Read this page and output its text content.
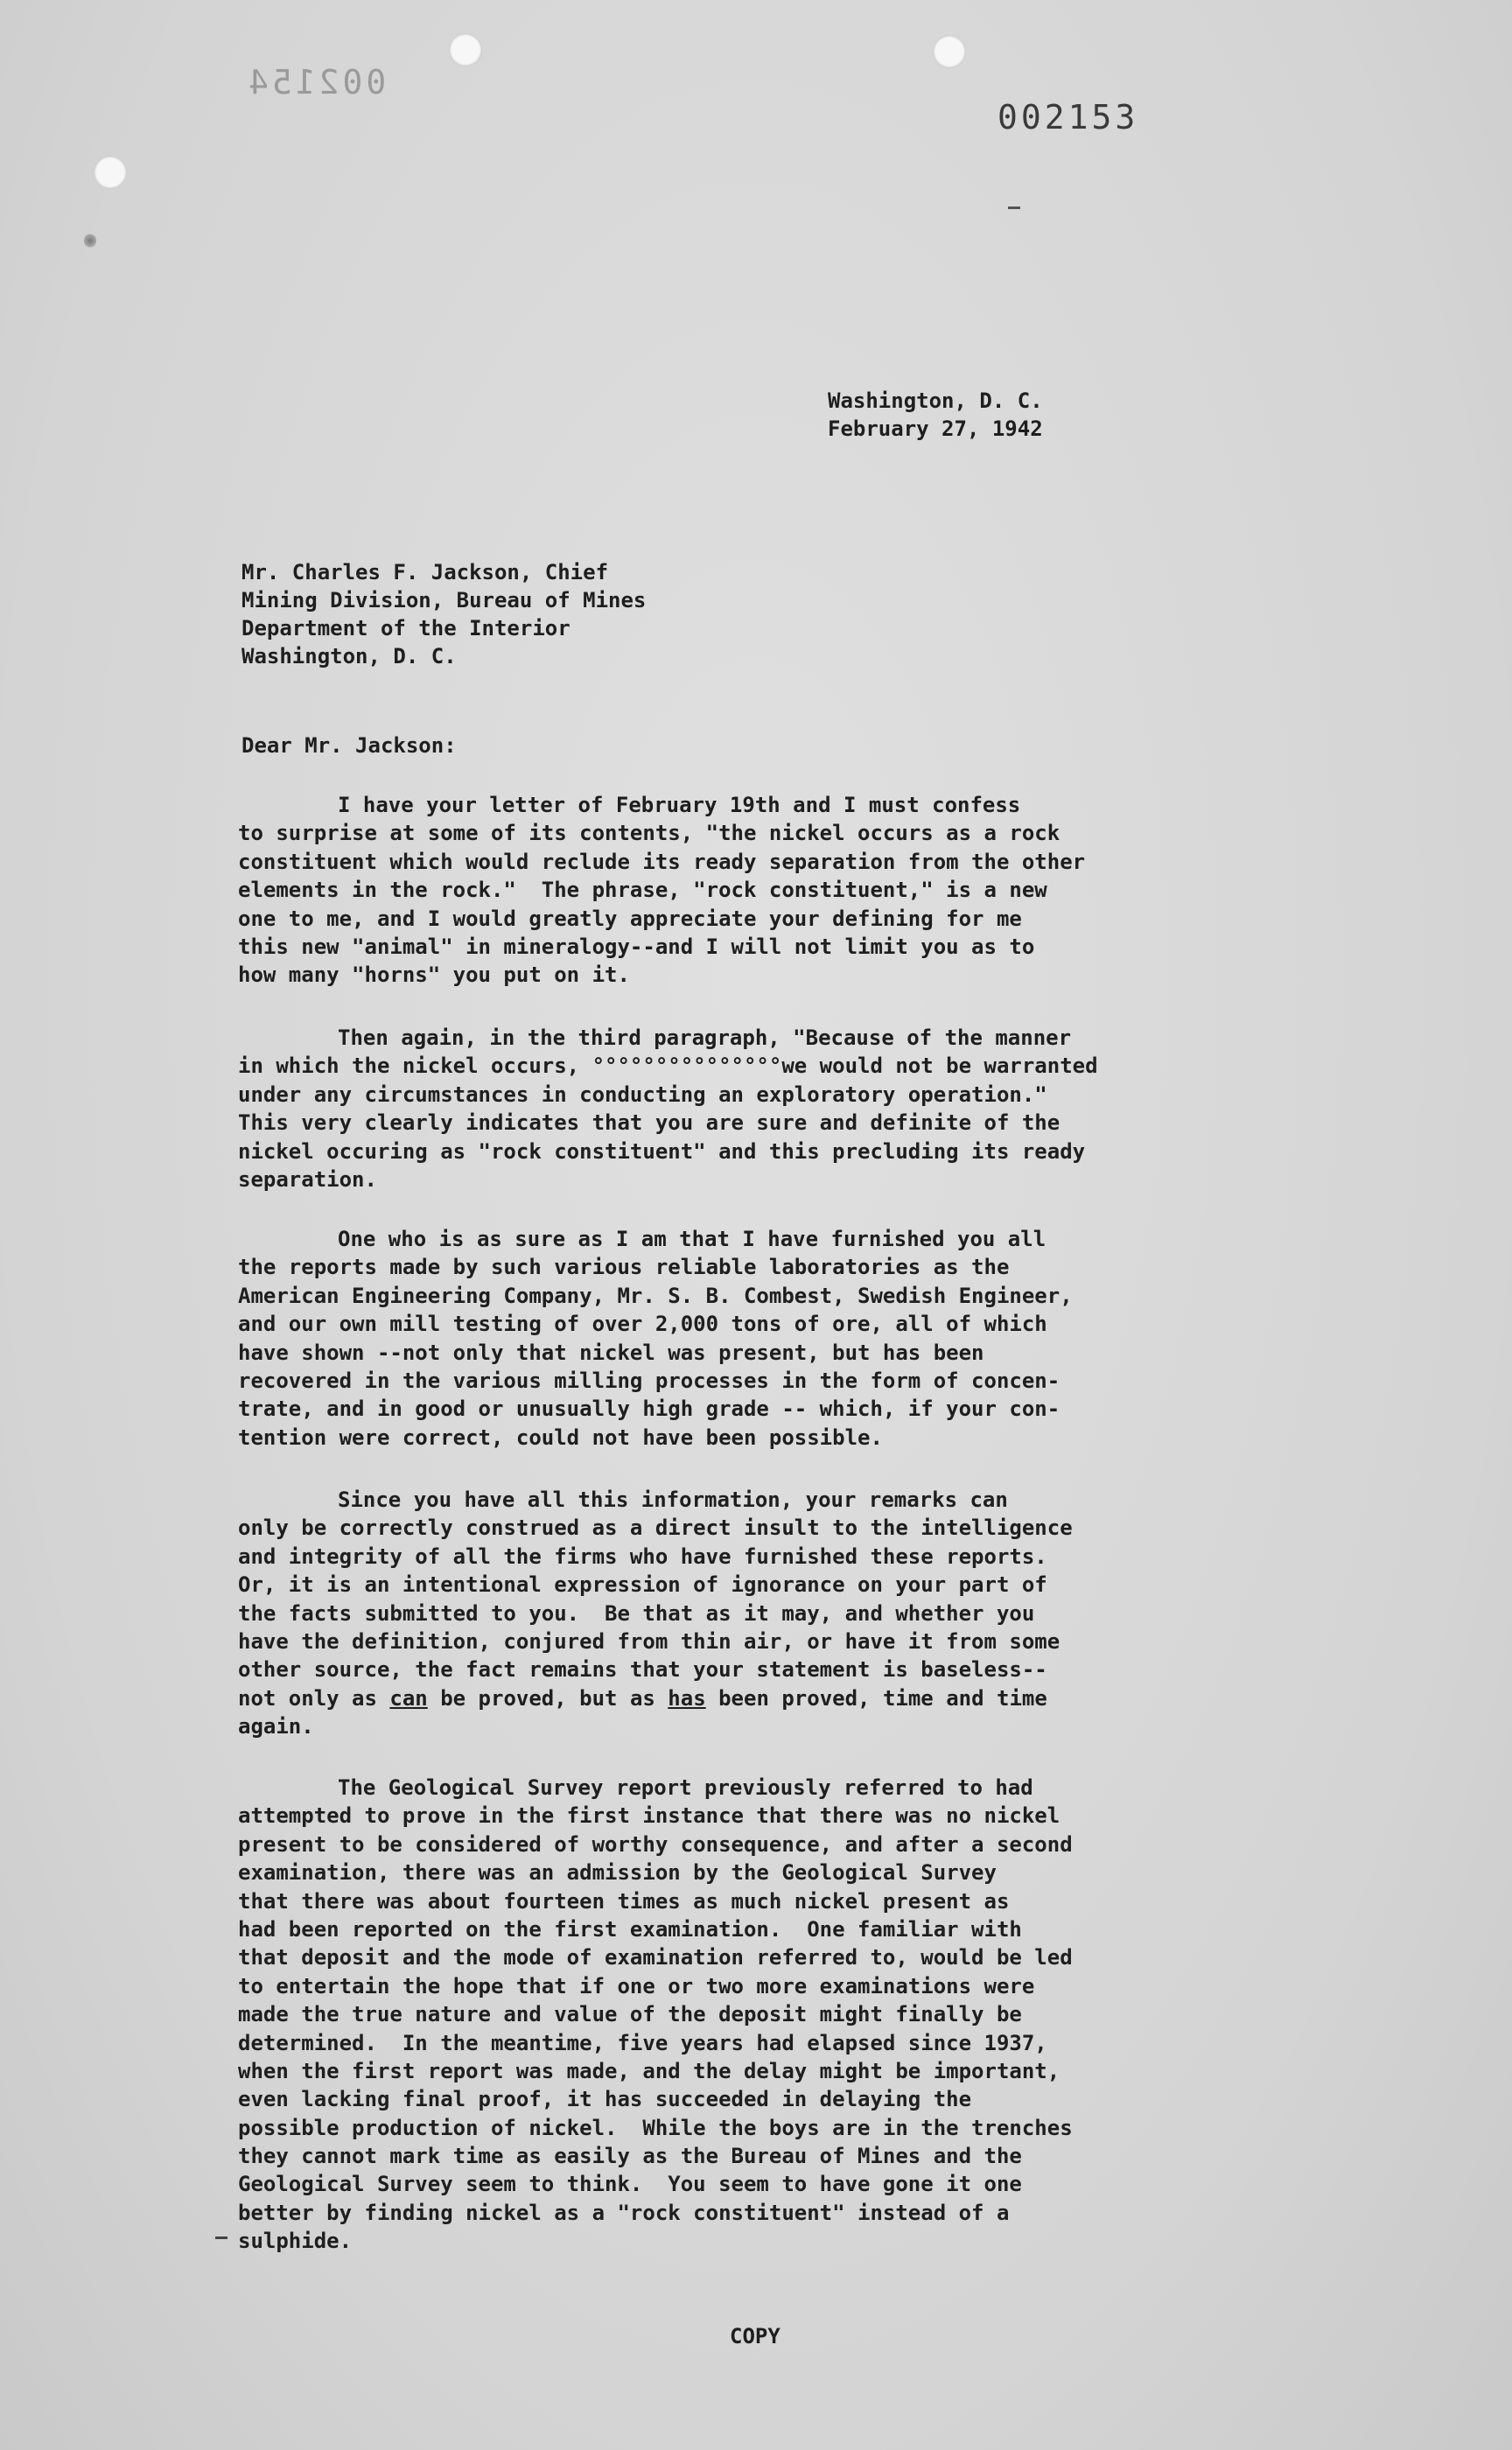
002154
002153
Washington, D. C.
February 27, 1942
Mr. Charles F. Jackson, Chief
Mining Division, Bureau of Mines
Department of the Interior
Washington, D. C.
Dear Mr. Jackson:
I have your letter of February 19th and I must confess
to surprise at some of its contents, "the nickel occurs as a rock
constituent which would reclude its ready separation from the other
elements in the rock."  The phrase, "rock constituent," is a new
one to me, and I would greatly appreciate your defining for me
this new "animal" in mineralogy--and I will not limit you as to
how many "horns" you put on it.
Then again, in the third paragraph, "Because of the manner
in which the nickel occurs, °°°°°°°°°°°°°°°we would not be warranted
under any circumstances in conducting an exploratory operation."
This very clearly indicates that you are sure and definite of the
nickel occuring as "rock constituent" and this precluding its ready
separation.
One who is as sure as I am that I have furnished you all
the reports made by such various reliable laboratories as the
American Engineering Company, Mr. S. B. Combest, Swedish Engineer,
and our own mill testing of over 2,000 tons of ore, all of which
have shown --not only that nickel was present, but has been
recovered in the various milling processes in the form of concen-
trate, and in good or unusually high grade -- which, if your con-
tention were correct, could not have been possible.
Since you have all this information, your remarks can
only be correctly construed as a direct insult to the intelligence
and integrity of all the firms who have furnished these reports.
Or, it is an intentional expression of ignorance on your part of
the facts submitted to you.  Be that as it may, and whether you
have the definition, conjured from thin air, or have it from some
other source, the fact remains that your statement is baseless--
not only as can be proved, but as has been proved, time and time
again.
The Geological Survey report previously referred to had
attempted to prove in the first instance that there was no nickel
present to be considered of worthy consequence, and after a second
examination, there was an admission by the Geological Survey
that there was about fourteen times as much nickel present as
had been reported on the first examination.  One familiar with
that deposit and the mode of examination referred to, would be led
to entertain the hope that if one or two more examinations were
made the true nature and value of the deposit might finally be
determined.  In the meantime, five years had elapsed since 1937,
when the first report was made, and the delay might be important,
even lacking final proof, it has succeeded in delaying the
possible production of nickel.  While the boys are in the trenches
they cannot mark time as easily as the Bureau of Mines and the
Geological Survey seem to think.  You seem to have gone it one
better by finding nickel as a "rock constituent" instead of a
sulphide.
COPY
